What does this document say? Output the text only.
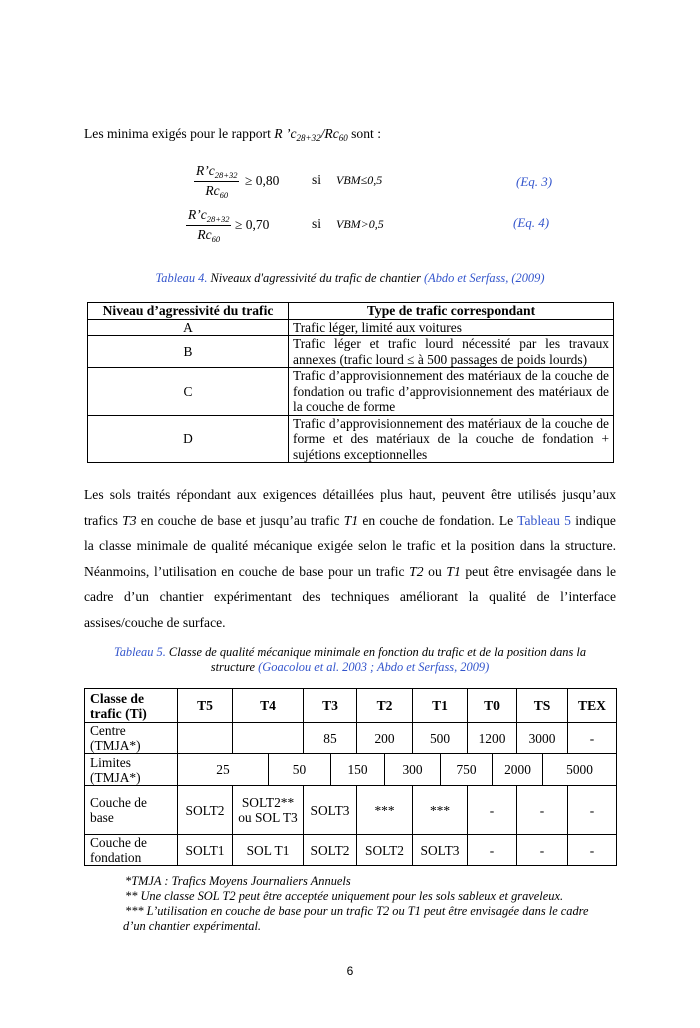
Les minima exigés pour le rapport R $’c_{28+32}/Rc_{60}$ sont :
$\frac{R’c_{28+32}}{Rc_{60}} \ge 0,80$ si VBM≤0,5	(Eq. 3)
$\frac{R’c_{28+32}}{Rc_{60}} \ge 0,70$	si VBM>0,5	(Eq. 4)
Tableau 4. Niveaux d'agressivité du trafic de chantier (Abdo et Serfass, (2009)
Niveau d’agressivité du trafic	Type de trafic correspondant
A	Trafic léger, limité aux voitures
B	Trafic léger et trafic lourd nécessité par les travaux annexes (trafic lourd ≤ à 500 passages de poids lourds)
C	Trafic d’approvisionnement des matériaux de la couche de fondation ou trafic d’approvisionnement des matériaux de la couche de forme
D	Trafic d’approvisionnement des matériaux de la couche de forme et des matériaux de la couche de fondation + sujétions exceptionnelles
Les sols traités répondant aux exigences détaillées plus haut, peuvent être utilisés jusqu’aux
trafics T3 en couche de base et jusqu’au trafic T1 en couche de fondation. Le Tableau 5 indique
la classe minimale de qualité mécanique exigée selon le trafic et la position dans la structure.
Néanmoins, l’utilisation en couche de base pour un trafic T2 ou T1 peut être envisagée dans le
cadre d’un chantier expérimentant des techniques améliorant la qualité de l’interface
assises/couche de surface.
Tableau 5. Classe de qualité mécanique minimale en fonction du trafic et de la position dans la
structure (Goacolou et al. 2003 ; Abdo et Serfass, 2009)
Classe de trafic (Ti)	T5	T4		T3		T2		T1		T0		TS		TEX
Centre (TMJA*)				85		200		500		1200		3000		-
Limites (TMJA*)	25		50		150		300		750		2000		5000	
Couche de base	SOLT2	SOLT2** ou SOL T3		SOLT3		***		***		-		-		-
Couche de fondation	SOLT1	SOL T1		SOLT2		SOLT2		SOLT3		-		-		-
*TMJA : Trafics Moyens Journaliers Annuels
** Une classe SOL T2 peut être acceptée uniquement pour les sols sableux et graveleux.
*** L’utilisation en couche de base pour un trafic T2 ou T1 peut être envisagée dans le cadre
d’un chantier expérimental.
6
